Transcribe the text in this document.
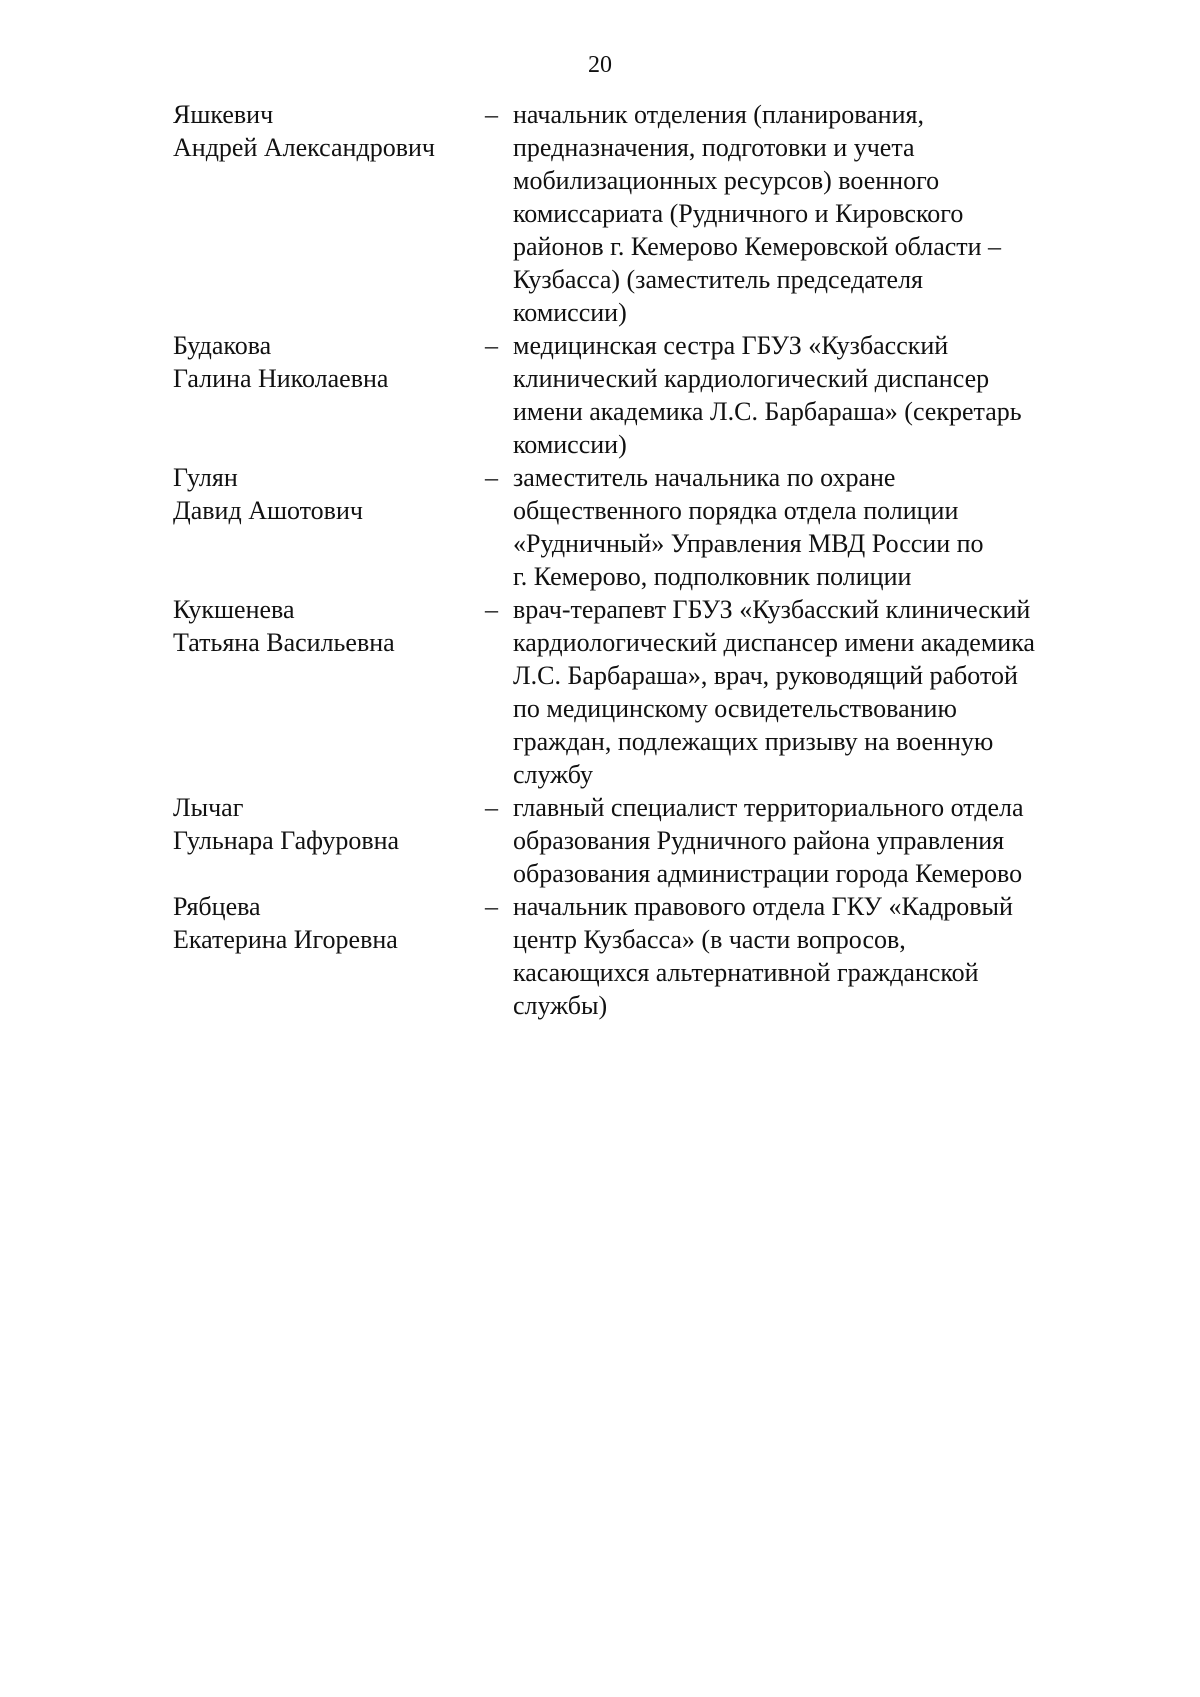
20
Яшкевич
Андрей Александрович
– начальник отделения (планирования,
предназначения, подготовки и учета
мобилизационных ресурсов) военного
комиссариата (Рудничного и Кировского
районов г. Кемерово Кемеровской области –
Кузбасса) (заместитель председателя
комиссии)
Будакова
Галина Николаевна
– медицинская сестра ГБУЗ «Кузбасский
клинический кардиологический диспансер
имени академика Л.С. Барбараша» (секретарь
комиссии)
Гулян
Давид Ашотович
– заместитель начальника по охране
общественного порядка отдела полиции
«Рудничный» Управления МВД России по
г. Кемерово, подполковник полиции
Кукшенева
Татьяна Васильевна
– врач-терапевт ГБУЗ «Кузбасский клинический
кардиологический диспансер имени академика
Л.С. Барбараша», врач, руководящий работой
по медицинскому освидетельствованию
граждан, подлежащих призыву на военную
службу
Лычаг
Гульнара Гафуровна
– главный специалист территориального отдела
образования Рудничного района управления
образования администрации города Кемерово
Рябцева
Екатерина Игоревна
– начальник правового отдела ГКУ «Кадровый
центр Кузбасса» (в части вопросов,
касающихся альтернативной гражданской
службы)
